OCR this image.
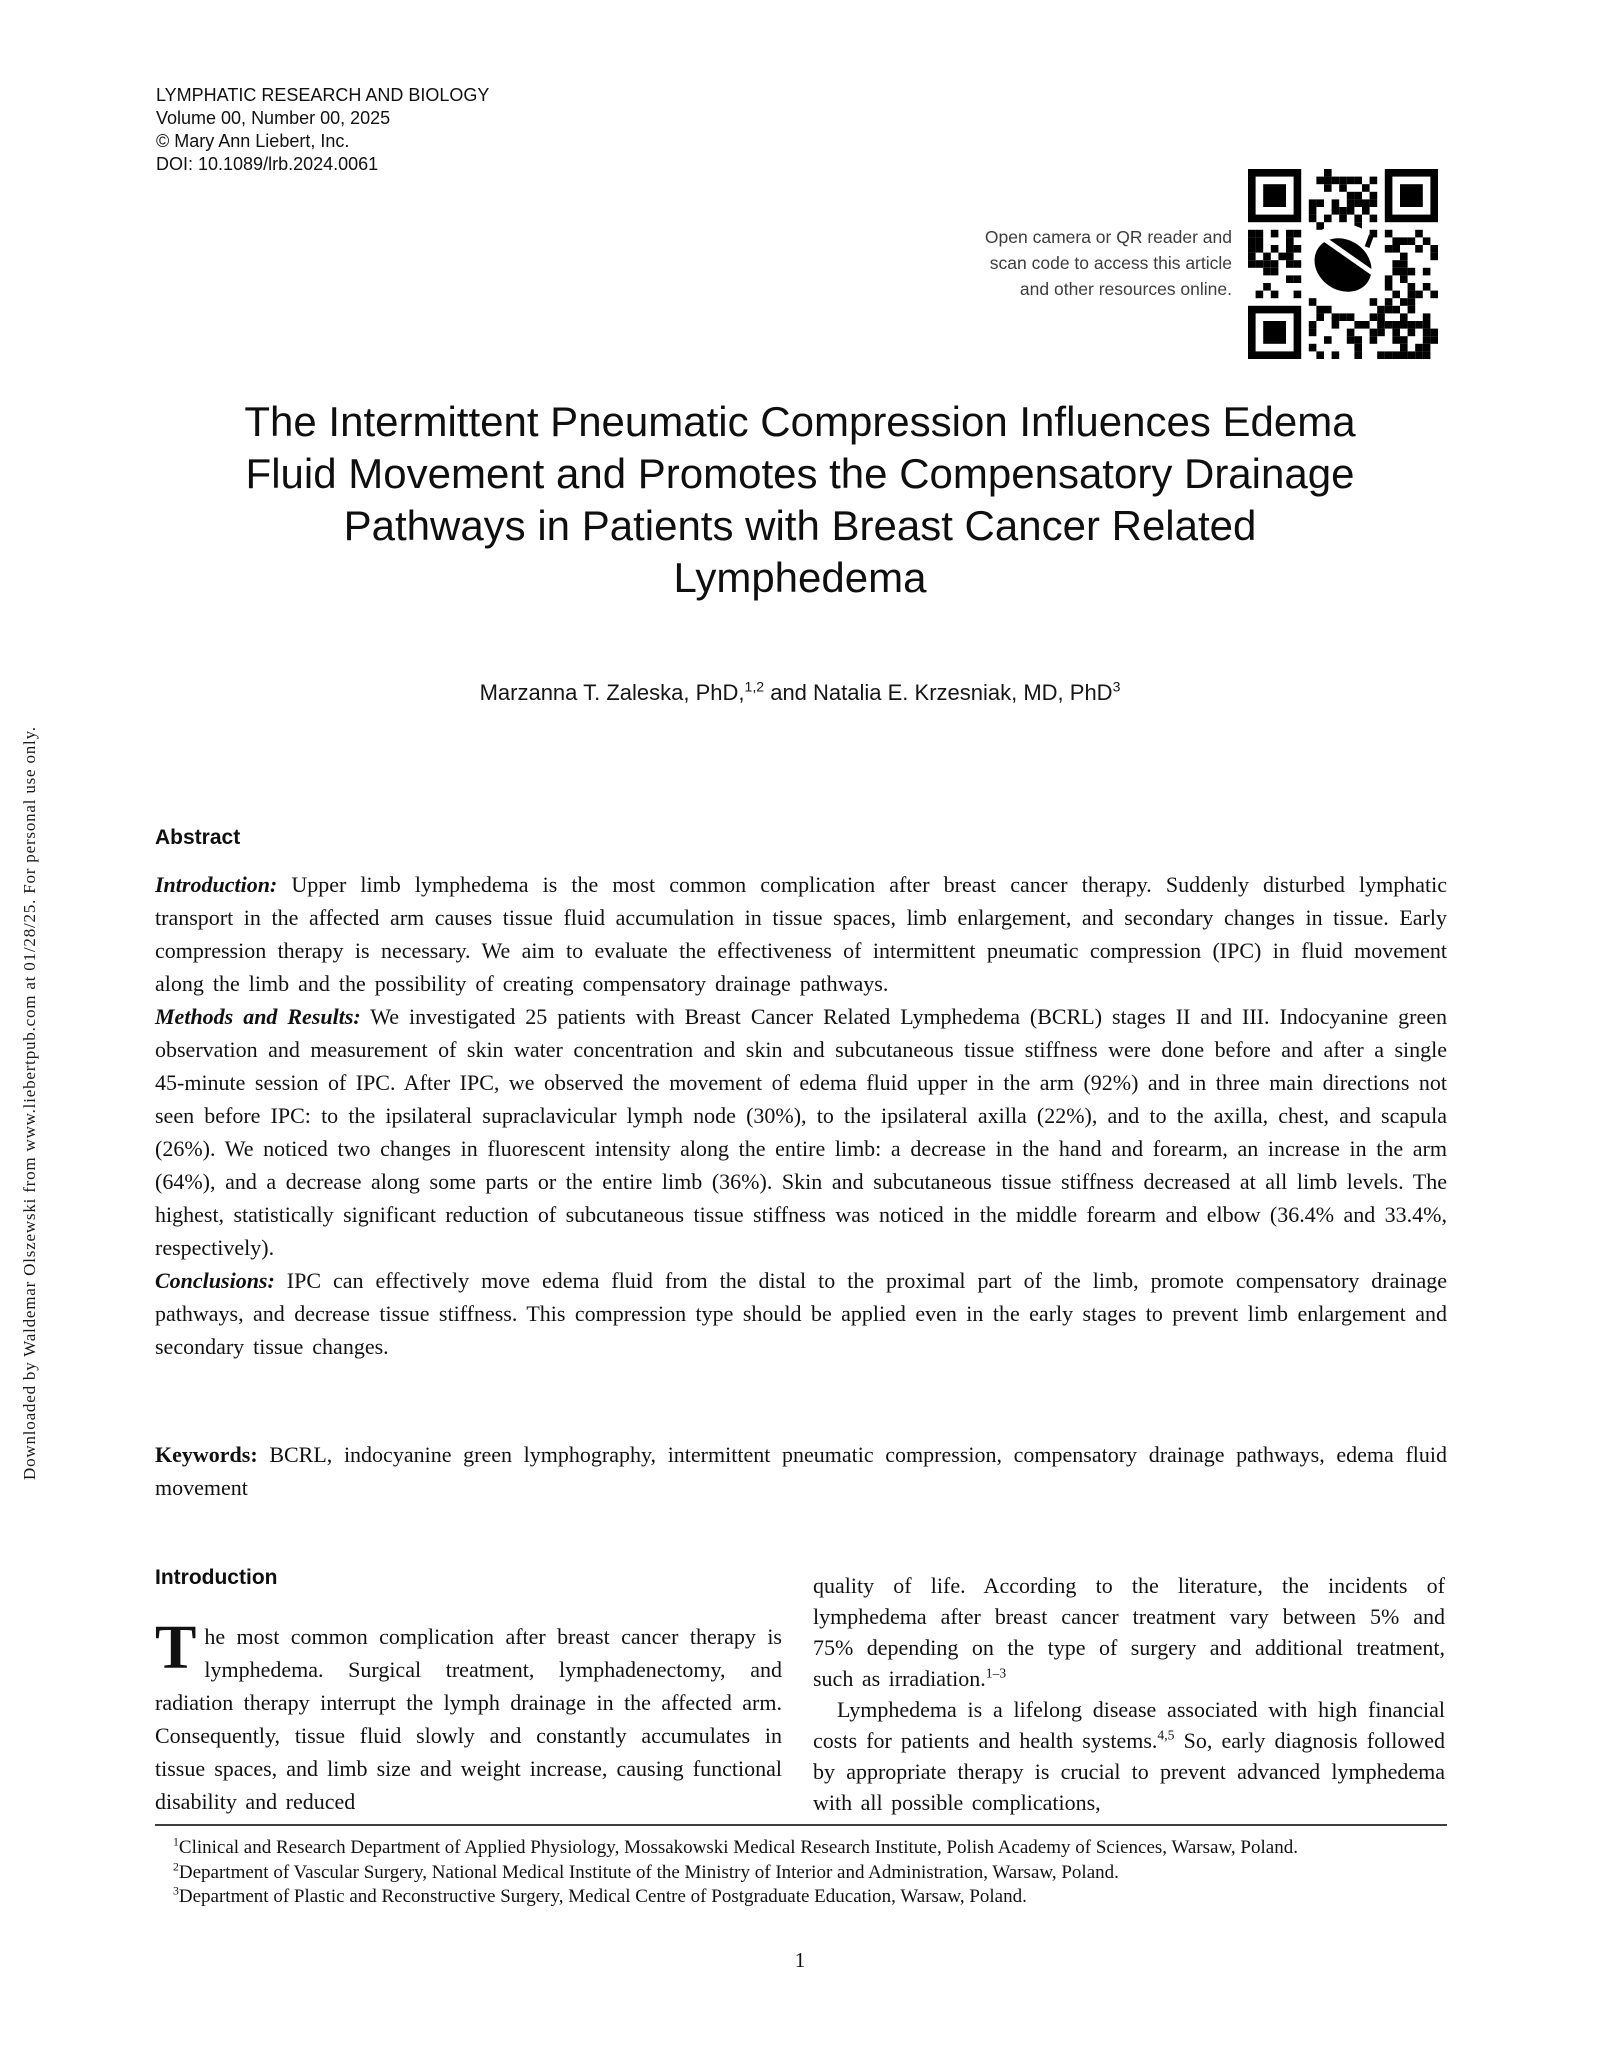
Downloaded by Waldemar Olszewski from www.liebertpub.com at 01/28/25. For personal use only.
LYMPHATIC RESEARCH AND BIOLOGY
Volume 00, Number 00, 2025
© Mary Ann Liebert, Inc.
DOI: 10.1089/lrb.2024.0061
Open camera or QR reader and
scan code to access this article
and other resources online.
The Intermittent Pneumatic Compression Influences Edema
Fluid Movement and Promotes the Compensatory Drainage
Pathways in Patients with Breast Cancer Related
Lymphedema
Marzanna T. Zaleska, PhD,$^{1,2}$ and Natalia E. Krzesniak, MD, PhD$^3$
Abstract

Introduction: Upper limb lymphedema is the most common complication after breast cancer therapy. Suddenly disturbed lymphatic transport in the affected arm causes tissue fluid accumulation in tissue spaces, limb enlargement, and secondary changes in tissue. Early compression therapy is necessary. We aim to evaluate the effectiveness of intermittent pneumatic compression (IPC) in fluid movement along the limb and the possibility of creating compensatory drainage pathways.

Methods and Results: We investigated 25 patients with Breast Cancer Related Lymphedema (BCRL) stages II and III. Indocyanine green observation and measurement of skin water concentration and skin and subcutaneous tissue stiffness were done before and after a single 45-minute session of IPC. After IPC, we observed the movement of edema fluid upper in the arm (92%) and in three main directions not seen before IPC: to the ipsilateral supraclavicular lymph node (30%), to the ipsilateral axilla (22%), and to the axilla, chest, and scapula (26%). We noticed two changes in fluorescent intensity along the entire limb: a decrease in the hand and forearm, an increase in the arm (64%), and a decrease along some parts or the entire limb (36%). Skin and subcutaneous tissue stiffness decreased at all limb levels. The highest, statistically significant reduction of subcutaneous tissue stiffness was noticed in the middle forearm and elbow (36.4% and 33.4%, respectively).

Conclusions: IPC can effectively move edema fluid from the distal to the proximal part of the limb, promote compensatory drainage pathways, and decrease tissue stiffness. This compression type should be applied even in the early stages to prevent limb enlargement and secondary tissue changes.

Keywords: BCRL, indocyanine green lymphography, intermittent pneumatic compression, compensatory drainage pathways, edema fluid movement
Introduction

The most common complication after breast cancer therapy is lymphedema. Surgical treatment, lymphadenectomy, and radiation therapy interrupt the lymph drainage in the affected arm. Consequently, tissue fluid slowly and constantly accumulates in tissue spaces, and limb size and weight increase, causing functional disability and reduced

quality of life. According to the literature, the incidents of lymphedema after breast cancer treatment vary between 5% and 75% depending on the type of surgery and additional treatment, such as irradiation.$^{1-3}$

Lymphedema is a lifelong disease associated with high financial costs for patients and health systems.$^{4,5}$ So, early diagnosis followed by appropriate therapy is crucial to prevent advanced lymphedema with all possible complications,

$^1$Clinical and Research Department of Applied Physiology, Mossakowski Medical Research Institute, Polish Academy of Sciences, Warsaw, Poland.

$^2$Department of Vascular Surgery, National Medical Institute of the Ministry of Interior and Administration, Warsaw, Poland.

$^3$Department of Plastic and Reconstructive Surgery, Medical Centre of Postgraduate Education, Warsaw, Poland.

1
